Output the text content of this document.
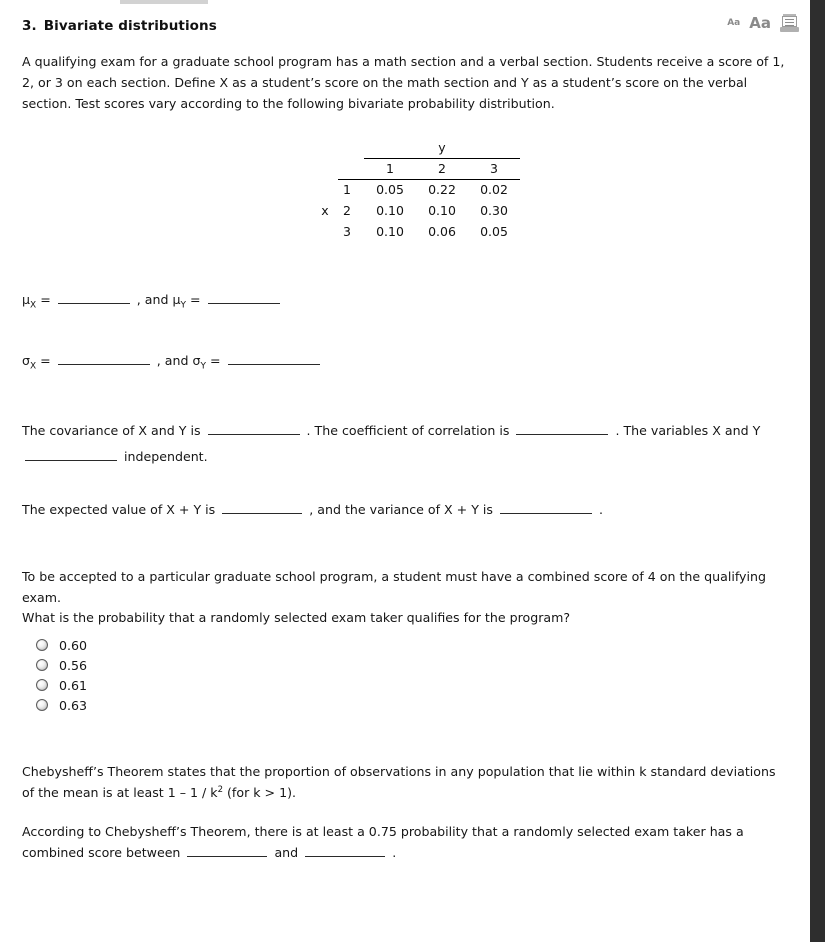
3. Bivariate distributions	Aa Aa
A qualifying exam for a graduate school program has a math section and a verbal section. Students receive a score of 1, 2, or 3 on each section. Define X as a student’s score on the math section and Y as a student’s score on the verbal section. Test scores vary according to the following bivariate probability distribution.
		y		
		1	2	3
	1	0.05	0.22	0.02
x	2	0.10	0.10	0.30
	3	0.10	0.06	0.05
$\mu_X$ =	, and $\mu_Y$ =
$\sigma_X$ =	, and $\sigma_Y$ =
The covariance of X and Y is	. The coefficient of correlation is	. The variables X and Y
independent.
The expected value of X + Y is	, and the variance of X + Y is	.
To be accepted to a particular graduate school program, a student must have a combined score of 4 on the qualifying exam.
What is the probability that a randomly selected exam taker qualifies for the program?
0.60
0.56
0.61
0.63
Chebysheff’s Theorem states that the proportion of observations in any population that lie within k standard deviations of the mean is at least $1 - 1 / k^2$ (for k > 1).
According to Chebysheff’s Theorem, there is at least a 0.75 probability that a randomly selected exam taker has a combined score between	and	.
